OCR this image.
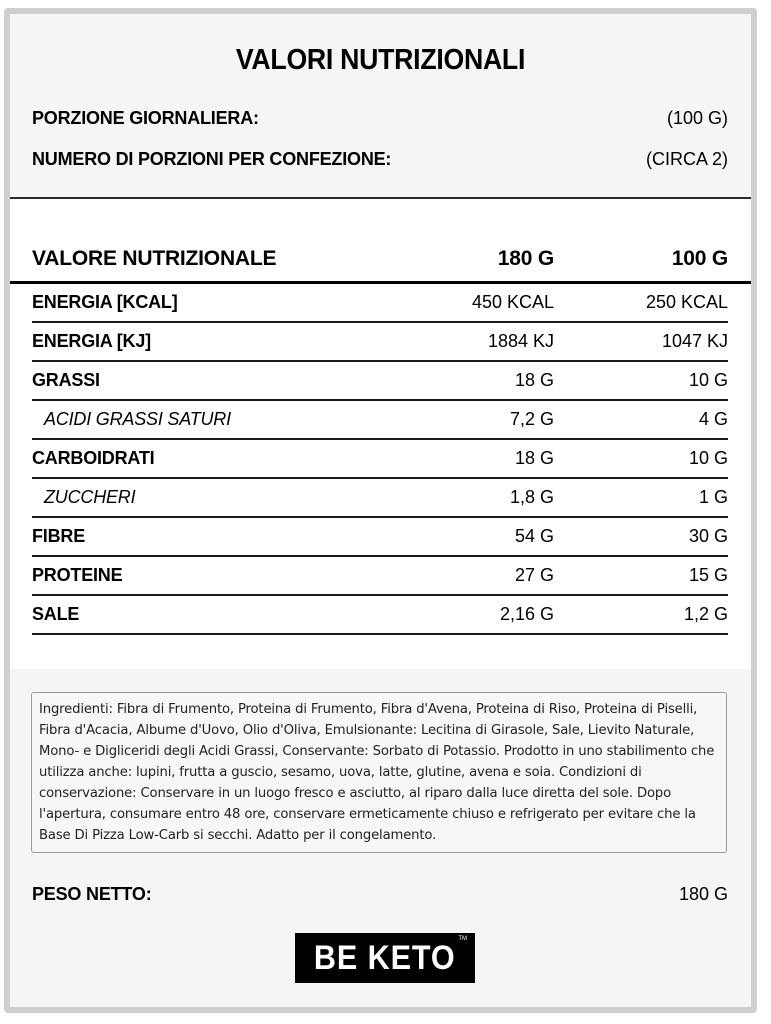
VALORI NUTRIZIONALI
PORZIONE GIORNALIERA:	(100 G)
NUMERO DI PORZIONI PER CONFEZIONE:	(CIRCA 2)
VALORE NUTRIZIONALE	180 G	100 G
ENERGIA [KCAL]	450 KCAL	250 KCAL
ENERGIA [KJ]	1884 KJ	1047 KJ
GRASSI	18 G	10 G
ACIDI GRASSI SATURI	7,2 G	4 G
CARBOIDRATI	18 G	10 G
ZUCCHERI	1,8 G	1 G
FIBRE	54 G	30 G
PROTEINE	27 G	15 G
SALE	2,16 G	1,2 G
Ingredienti: Fibra di Frumento, Proteina di Frumento, Fibra d'Avena, Proteina di Riso, Proteina di Piselli, Fibra d'Acacia, Albume d'Uovo, Olio d'Oliva, Emulsionante: Lecitina di Girasole, Sale, Lievito Naturale, Mono- e Digliceridi degli Acidi Grassi, Conservante: Sorbato di Potassio. Prodotto in uno stabilimento che utilizza anche: lupini, frutta a guscio, sesamo, uova, latte, glutine, avena e soia. Condizioni di conservazione: Conservare in un luogo fresco e asciutto, al riparo dalla luce diretta del sole. Dopo l'apertura, consumare entro 48 ore, conservare ermeticamente chiuso e refrigerato per evitare che la Base Di Pizza Low-Carb si secchi. Adatto per il congelamento.
PESO NETTO:	180 G
BE KETO TM
